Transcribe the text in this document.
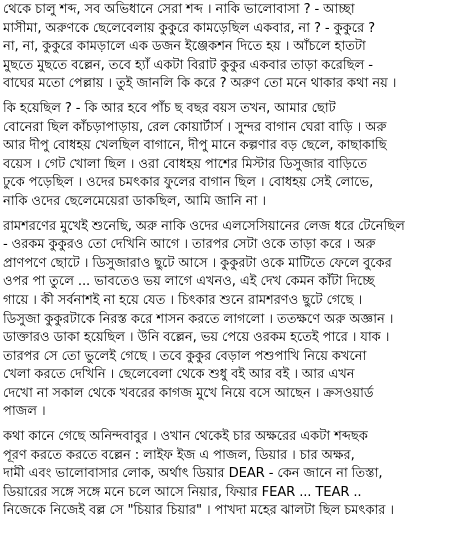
থেকে চালু শব্দ, সব অভিধানে সেরা শব্দ । নাকি ভালোবাসা ? - আচ্ছা
মাসীমা, অরুণকে ছেলেবেলায় কুকুরে কামড়েছিল একবার, না ? - কুকুরে ?
না, না, কুকুরে কামড়ালে এক ডজন ইঞ্জেকশন দিতে হয় । আঁচলে হাতটা
মুছতে মুছতে বল্লেন, তবে হ্যাঁ একটা বিরাট কুকুর একবার তাড়া করেছিল -
বাঘের মতো পেল্লায় । তুই জানলি কি করে ? অরুণ তো মনে থাকার কথা নয় ।
কি হয়েছিল ? - কি আর হবে পাঁচ ছ বছর বয়স তখন, আমার ছোট
বোনেরা ছিল কাঁচড়াপাড়ায়, রেল কোয়ার্টার্স । সুন্দর বাগান ঘেরা বাড়ি । অরু
আর দীপু বোধহয় খেলছিল বাগানে, দীপু মানে কল্পণার বড় ছেলে, কাছাকাছি
বয়েস । গেট খোলা ছিল । ওরা বোধহয় পাশের মিস্টার ডিসুজার বাড়িতে
ঢুকে পড়েছিল । ওদের চমৎকার ফুলের বাগান ছিল । বোধহয় সেই লোভে,
নাকি ওদের ছেলেমেয়েরা ডাকছিল, আমি জানি না ।
রামশরণের মুখেই শুনেছি, অরু নাকি ওদের এলসেসিয়ানের লেজ ধরে টেনেছিল
- ওরকম কুকুরও তো দেখিনি আগে । তারপর সেটা ওকে তাড়া করে । অরু
প্রাণপণে ছোটে । ডিসুজারাও ছুটে আসে । কুকুরটা ওকে মাটিতে ফেলে বুকের
ওপর পা তুলে ... ভাবতেও ভয় লাগে এখনও, এই দেখ কেমন কাঁটা দিচ্ছে
গায়ে । কী সর্বনাশই না হয়ে যেত । চিৎকার শুনে রামশরণও ছুটে গেছে ।
ডিসুজা কুকুরটাকে নিরস্ত করে শাসন করতে লাগলো । ততক্ষণে অরু অজ্ঞান ।
ডাক্তারও ডাকা হয়েছিল । উনি বল্লেন, ভয় পেয়ে ওরকম হতেই পারে । যাক ।
তারপর সে তো ভুলেই গেছে । তবে কুকুর বেড়াল পশুপাখি নিয়ে কখনো
খেলা করতে দেখিনি । ছেলেবেলা থেকে শুধু বই আর বই । আর এখন
দেখো না সকাল থেকে খবরের কাগজ মুখে নিয়ে বসে আছেন । ক্রসওয়ার্ড
পাজল ।
কথা কানে গেছে অনিন্দবাবুর । ওখান থেকেই চার অক্ষরের একটা শব্দছক
পূরণ করতে করতে বল্লেন : লাইফ ইজ এ পাজল, ডিয়ার । চার অক্ষর,
দামী এবং ভালোবাসার লোক, অর্থাৎ ডিয়ার DEAR - কেন জানে না তিস্তা,
ডিয়ারের সঙ্গে সঙ্গে মনে চলে আসে নিয়ার, ফিয়ার FEAR ... TEAR ..
নিজেকে নিজেই বল্ল সে "চিয়ার চিয়ার" । পাখদা মহের ঝালটা ছিল চমৎকার ।
